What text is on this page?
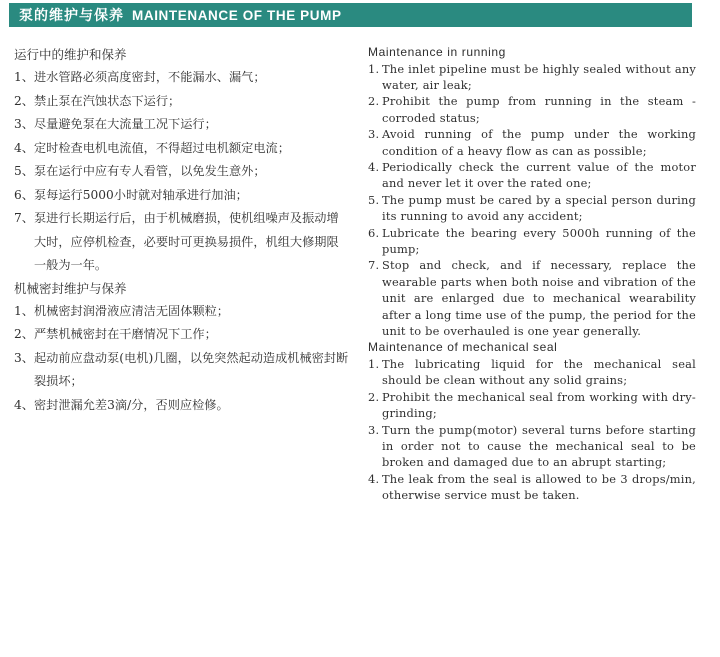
泵的维护与保养 MAINTENANCE OF THE PUMP
运行中的维护和保养
1、 进水管路必须高度密封，不能漏水、漏气；
2、 禁止泵在汽蚀状态下运行；
3、 尽量避免泵在大流量工况下运行；
4、 定时检查电机电流值，不得超过电机额定电流；
5、 泵在运行中应有专人看管，以免发生意外；
6、 泵每运行5000小时就对轴承进行加油；
7、 泵进行长期运行后，由于机械磨损，使机组噪声及振动增大时，应停机检查，必要时可更换易损件，机组大修期限一般为一年。
机械密封维护与保养
1、 机械密封润滑液应清洁无固体颗粒；
2、 严禁机械密封在干磨情况下工作；
3、 起动前应盘动泵(电机)几圈，以免突然起动造成机械密封断裂损坏；
4、 密封泄漏允差3滴/分，否则应检修。
Maintenance in running
1. The inlet pipeline must be highly sealed without any water, air leak;
2. Prohibit the pump from running in the steam - corroded status;
3. Avoid running of the pump under the working condition of a heavy flow as can as possible;
4. Periodically check the current value of the motor and never let it over the rated one;
5. The pump must be cared by a special person during its running to avoid any accident;
6. Lubricate the bearing every 5000h running of the pump;
7. Stop and check, and if necessary, replace the wearable parts when both noise and vibration of the unit are enlarged due to mechanical wearability after a long time use of the pump, the period for the unit to be overhauled is one year generally.
Maintenance of mechanical seal
1. The lubricating liquid for the mechanical seal should be clean without any solid grains;
2. Prohibit the mechanical seal from working with dry-grinding;
3. Turn the pump(motor) several turns before starting in order not to cause the mechanical seal to be broken and damaged due to an abrupt starting;
4. The leak from the seal is allowed to be 3 drops/min, otherwise service must be taken.
